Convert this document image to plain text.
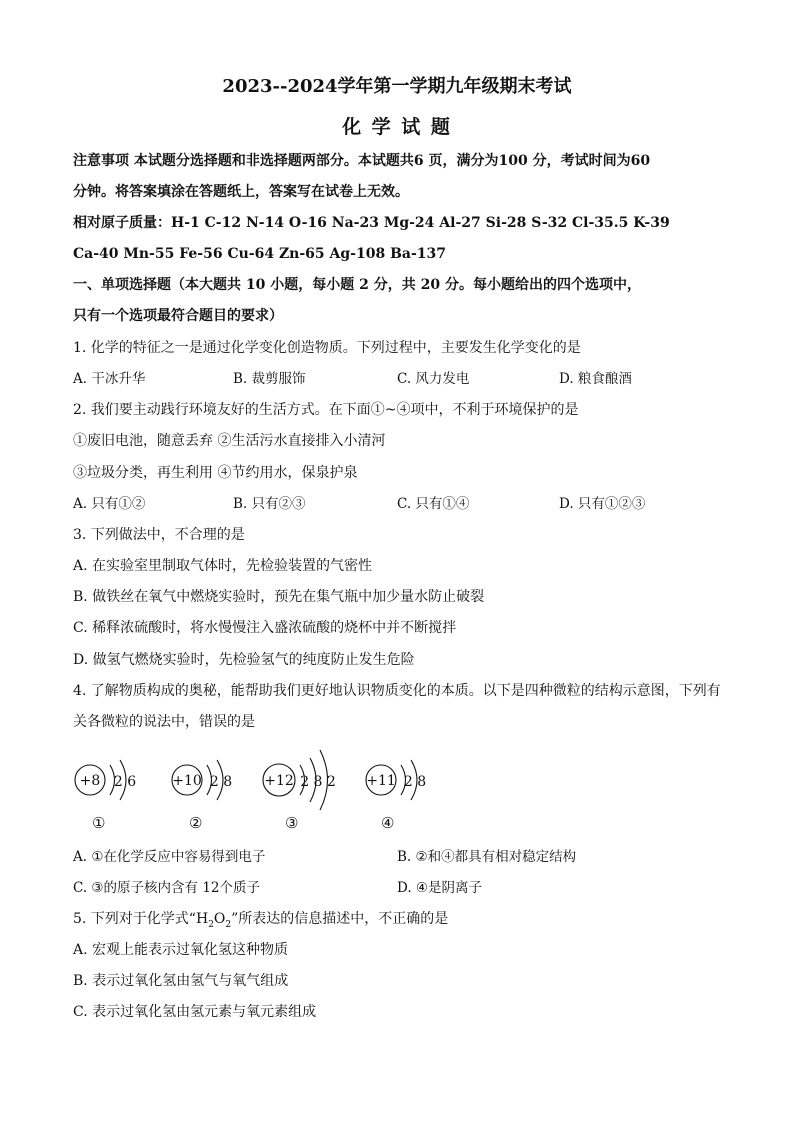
2023--2024学年第一学期九年级期末考试
化 学 试 题
注意事项 本试题分选择题和非选择题两部分。本试题共6 页，满分为100 分，考试时间为60
分钟。将答案填涂在答题纸上，答案写在试卷上无效。
相对原子质量：H-1 C-12 N-14 O-16 Na-23 Mg-24 Al-27 Si-28 S-32 Cl-35.5 K-39
Ca-40 Mn-55 Fe-56 Cu-64 Zn-65 Ag-108 Ba-137
一、单项选择题（本大题共 10 小题，每小题 2 分，共 20 分。每小题给出的四个选项中，
只有一个选项最符合题目的要求）
1. 化学的特征之一是通过化学变化创造物质。下列过程中，主要发生化学变化的是
A. 干冰升华	B. 裁剪服饰	C. 风力发电	D. 粮食酿酒
2. 我们要主动践行环境友好的生活方式。在下面①~④项中，不利于环境保护的是
①废旧电池，随意丢弃 ②生活污水直接排入小清河
③垃圾分类，再生利用 ④节约用水，保泉护泉
A. 只有①②	B. 只有②③	C. 只有①④	D. 只有①②③
3. 下列做法中，不合理的是
A. 在实验室里制取气体时，先检验装置的气密性
B. 做铁丝在氧气中燃烧实验时，预先在集气瓶中加少量水防止破裂
C. 稀释浓硫酸时，将水慢慢注入盛浓硫酸的烧杯中并不断搅拌
D. 做氢气燃烧实验时，先检验氢气的纯度防止发生危险
4. 了解物质构成的奥秘，能帮助我们更好地认识物质变化的本质。以下是四种微粒的结构示意图，下列有
关各微粒的说法中，错误的是
+8 2 6	+10 2 8 +12 2 8 2 +11 2 8
①	②	③	④
A. ①在化学反应中容易得到电子	B. ②和④都具有相对稳定结构
C. ③的原子核内含有 12个质子	D. ④是阴离子
5. 下列对于化学式“$H_2O_2$”所表达的信息描述中，不正确的是
A. 宏观上能表示过氧化氢这种物质
B. 表示过氧化氢由氢气与氧气组成
C. 表示过氧化氢由氢元素与氧元素组成
